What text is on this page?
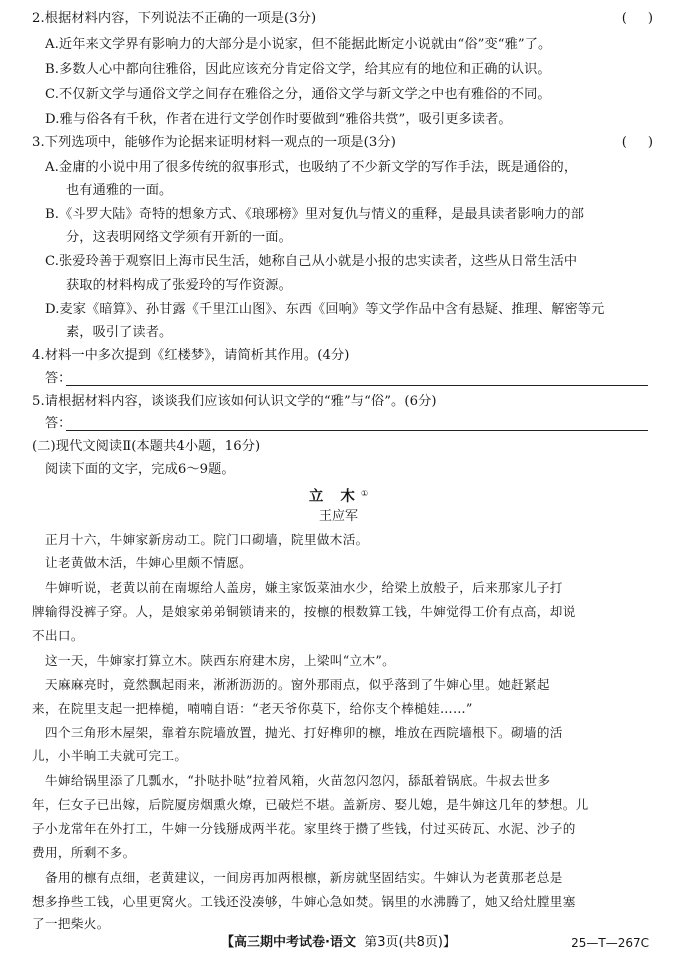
2.根据材料内容，下列说法不正确的一项是(3分)	(     )
A.近年来文学界有影响力的大部分是小说家，但不能据此断定小说就由“俗”变“雅”了。
B.多数人心中都向往雅俗，因此应该充分肯定俗文学，给其应有的地位和正确的认识。
C.不仅新文学与通俗文学之间存在雅俗之分，通俗文学与新文学之中也有雅俗的不同。
D.雅与俗各有千秋，作者在进行文学创作时要做到“雅俗共赏”，吸引更多读者。
3.下列选项中，能够作为论据来证明材料一观点的一项是(3分)	(     )
A.金庸的小说中用了很多传统的叙事形式，也吸纳了不少新文学的写作手法，既是通俗的，
也有通雅的一面。
B.《斗罗大陆》奇特的想象方式、《琅琊榜》里对复仇与情义的重释，是最具读者影响力的部
分，这表明网络文学须有开新的一面。
C.张爱玲善于观察旧上海市民生活，她称自己从小就是小报的忠实读者，这些从日常生活中
获取的材料构成了张爱玲的写作资源。
D.麦家《暗算》、孙甘露《千里江山图》、东西《回响》等文学作品中含有悬疑、推理、解密等元
素，吸引了读者。
4.材料一中多次提到《红楼梦》，请简析其作用。(4分)
答：
5.请根据材料内容，谈谈我们应该如何认识文学的“雅”与“俗”。(6分)
答：
(二)现代文阅读Ⅱ(本题共4小题，16分)
阅读下面的文字，完成6～9题。
立 木①
王应军
正月十六，牛婶家新房动工。院门口砌墙，院里做木活。
让老黄做木活，牛婶心里颇不情愿。
牛婶听说，老黄以前在南塬给人盖房，嫌主家饭菜油水少，给梁上放般子，后来那家儿子打
牌输得没裤子穿。人，是娘家弟弟铜锁请来的，按檩的根数算工钱，牛婶觉得工价有点高，却说
不出口。
这一天，牛婶家打算立木。陕西东府建木房，上梁叫“立木”。
天麻麻亮时，竟然飘起雨来，淅淅沥沥的。窗外那雨点，似乎落到了牛婶心里。她赶紧起
来，在院里支起一把棒槌，喃喃自语：“老天爷你莫下，给你支个棒槌娃……”
四个三角形木屋架，靠着东院墙放置，抛光、打好榫卯的檩，堆放在西院墙根下。砌墙的活
儿，小半晌工夫就可完工。
牛婶给锅里添了几瓢水，“扑哒扑哒”拉着风箱，火苗忽闪忽闪，舔舐着锅底。牛叔去世多
年，仨女子已出嫁，后院厦房烟熏火燎，已破烂不堪。盖新房、娶儿媳，是牛婶这几年的梦想。儿
子小龙常年在外打工，牛婶一分钱掰成两半花。家里终于攒了些钱，付过买砖瓦、水泥、沙子的
费用，所剩不多。
备用的檩有点细，老黄建议，一间房再加两根檩，新房就坚固结实。牛婶认为老黄那老总是
想多挣些工钱，心里更窝火。工钱还没凑够，牛婶心急如焚。锅里的水沸腾了，她又给灶膛里塞
了一把柴火。
【高三期中考试卷·语文 第3页(共8页)】	25—T—267C
